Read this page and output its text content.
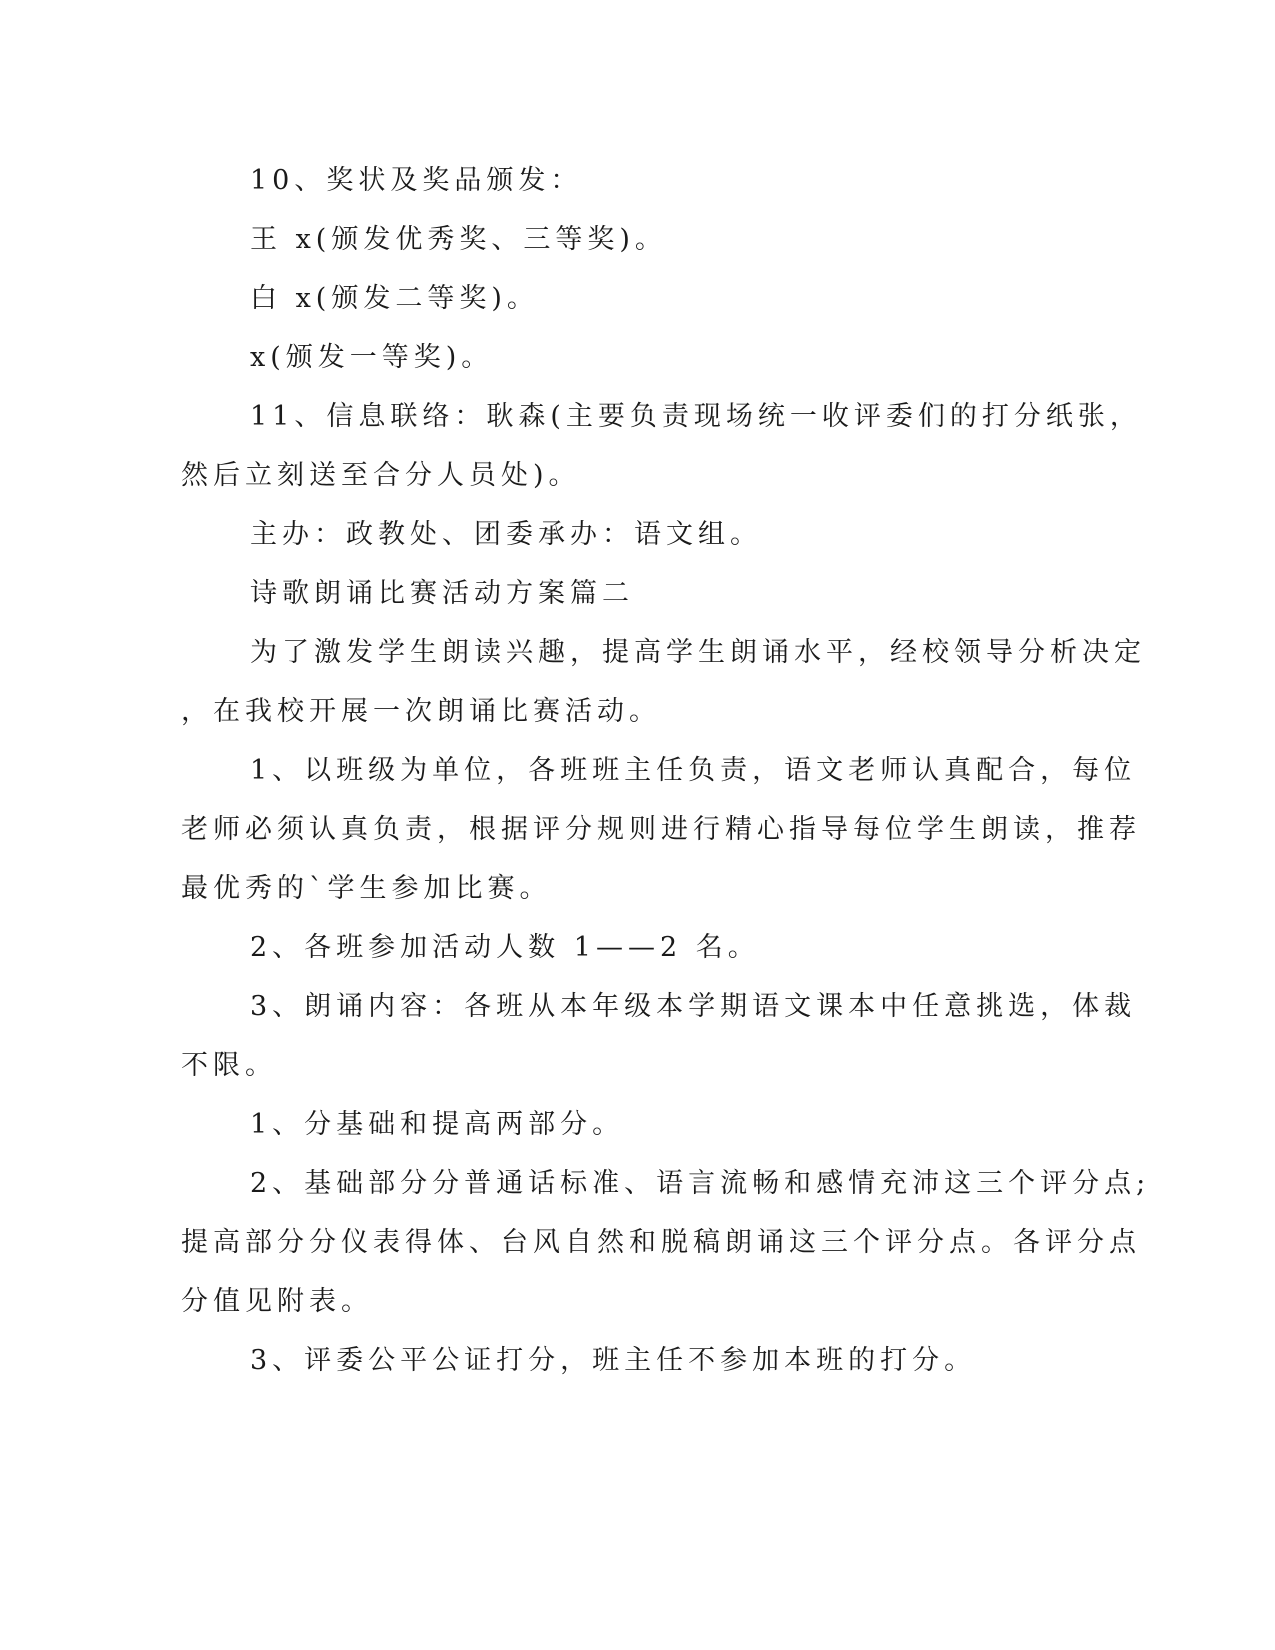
10、奖状及奖品颁发：
王 x(颁发优秀奖、三等奖)。
白 x(颁发二等奖)。
x(颁发一等奖)。
11、信息联络：耿森(主要负责现场统一收评委们的打分纸张，
然后立刻送至合分人员处)。
主办：政教处、团委承办：语文组。
诗歌朗诵比赛活动方案篇二
为了激发学生朗读兴趣，提高学生朗诵水平，经校领导分析决定
，在我校开展一次朗诵比赛活动。
1、以班级为单位，各班班主任负责，语文老师认真配合，每位
老师必须认真负责，根据评分规则进行精心指导每位学生朗读，推荐
最优秀的`学生参加比赛。
2、各班参加活动人数 1——2 名。
3、朗诵内容：各班从本年级本学期语文课本中任意挑选，体裁
不限。
1、分基础和提高两部分。
2、基础部分分普通话标准、语言流畅和感情充沛这三个评分点;
提高部分分仪表得体、台风自然和脱稿朗诵这三个评分点。各评分点
分值见附表。
3、评委公平公证打分，班主任不参加本班的打分。
